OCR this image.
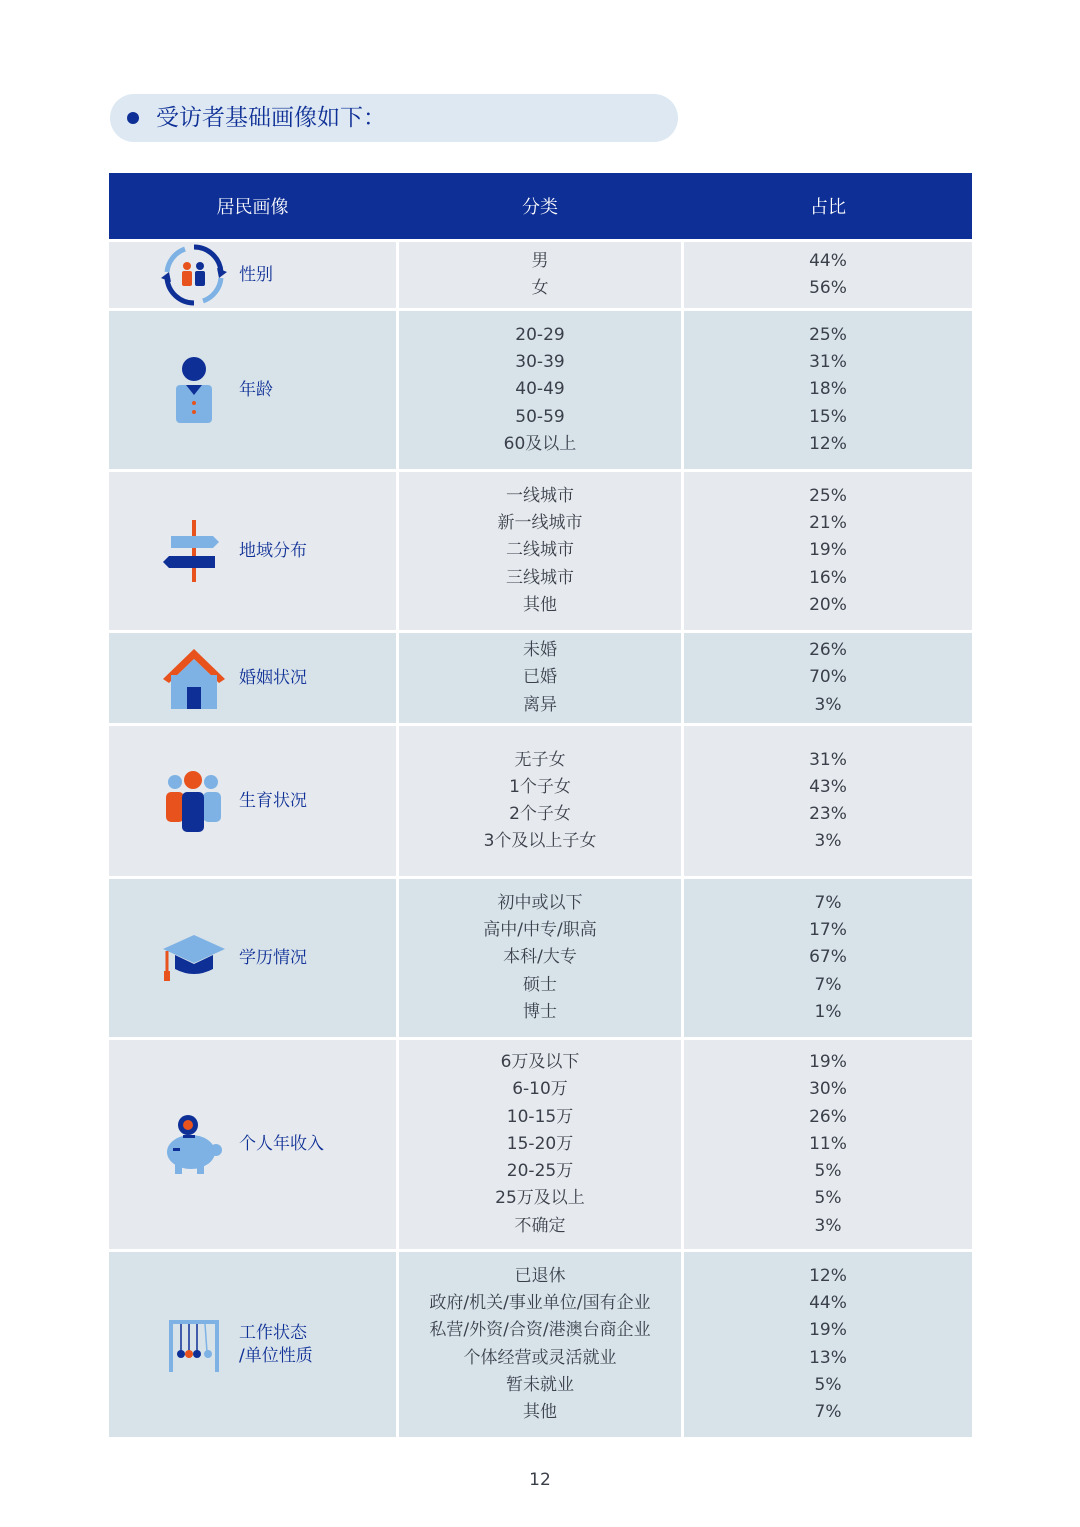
受访者基础画像如下：
居民画像	分类	占比
性别
男
女
44%
56%
年龄
20-29
30-39
40-49
50-59
60及以上
25%
31%
18%
15%
12%
地域分布
一线城市
新一线城市
二线城市
三线城市
其他
25%
21%
19%
16%
20%
婚姻状况
未婚
已婚
离异
26%
70%
3%
生育状况
无子女
1个子女
2个子女
3个及以上子女
31%
43%
23%
3%
学历情况
初中或以下
高中/中专/职高
本科/大专
硕士
博士
7%
17%
67%
7%
1%
个人年收入
6万及以下
6-10万
10-15万
15-20万
20-25万
25万及以上
不确定
19%
30%
26%
11%
5%
5%
3%
工作状态
/单位性质
已退休
政府/机关/事业单位/国有企业
私营/外资/合资/港澳台商企业
个体经营或灵活就业
暂未就业
其他
12%
44%
19%
13%
5%
7%
12
